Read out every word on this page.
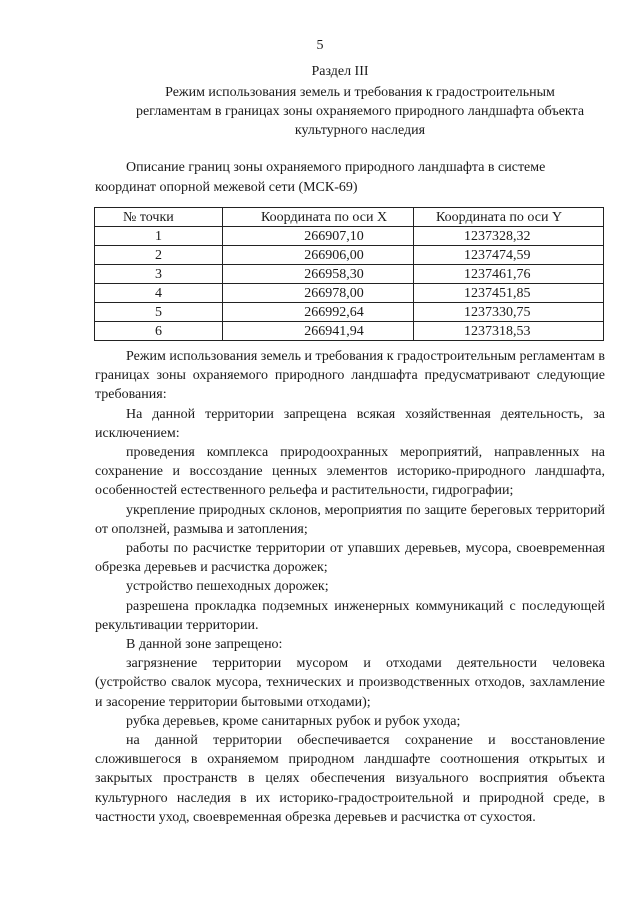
5
Раздел III
Режим использования земель и требования к градостроительным
регламентам в границах зоны охраняемого природного ландшафта объекта
культурного наследия
Описание границ зоны охраняемого природного ландшафта в системе
координат опорной межевой сети (МСК-69)
№ точки	Координата по оси X	Координата по оси Y
1	266907,10	1237328,32
2	266906,00	1237474,59
3	266958,30	1237461,76
4	266978,00	1237451,85
5	266992,64	1237330,75
6	266941,94	1237318,53
Режим использования земель и требования к градостроительным регламентам в границах зоны охраняемого природного ландшафта предусматривают следующие требования:
На данной территории запрещена всякая хозяйственная деятельность, за исключением:
проведения комплекса природоохранных мероприятий, направленных на сохранение и воссоздание ценных элементов историко-природного ландшафта, особенностей естественного рельефа и растительности, гидрографии;
укрепление природных склонов, мероприятия по защите береговых территорий от оползней, размыва и затопления;
работы по расчистке территории от упавших деревьев, мусора, своевременная обрезка деревьев и расчистка дорожек;
устройство пешеходных дорожек;
разрешена прокладка подземных инженерных коммуникаций с последующей рекультивации территории.
В данной зоне запрещено:
загрязнение территории мусором и отходами деятельности человека (устройство свалок мусора, технических и производственных отходов, захламление и засорение территории бытовыми отходами);
рубка деревьев, кроме санитарных рубок и рубок ухода;
на данной территории обеспечивается сохранение и восстановление сложившегося в охраняемом природном ландшафте соотношения открытых и закрытых пространств в целях обеспечения визуального восприятия объекта культурного наследия в их историко-градостроительной и природной среде, в частности уход, своевременная обрезка деревьев и расчистка от сухостоя.
